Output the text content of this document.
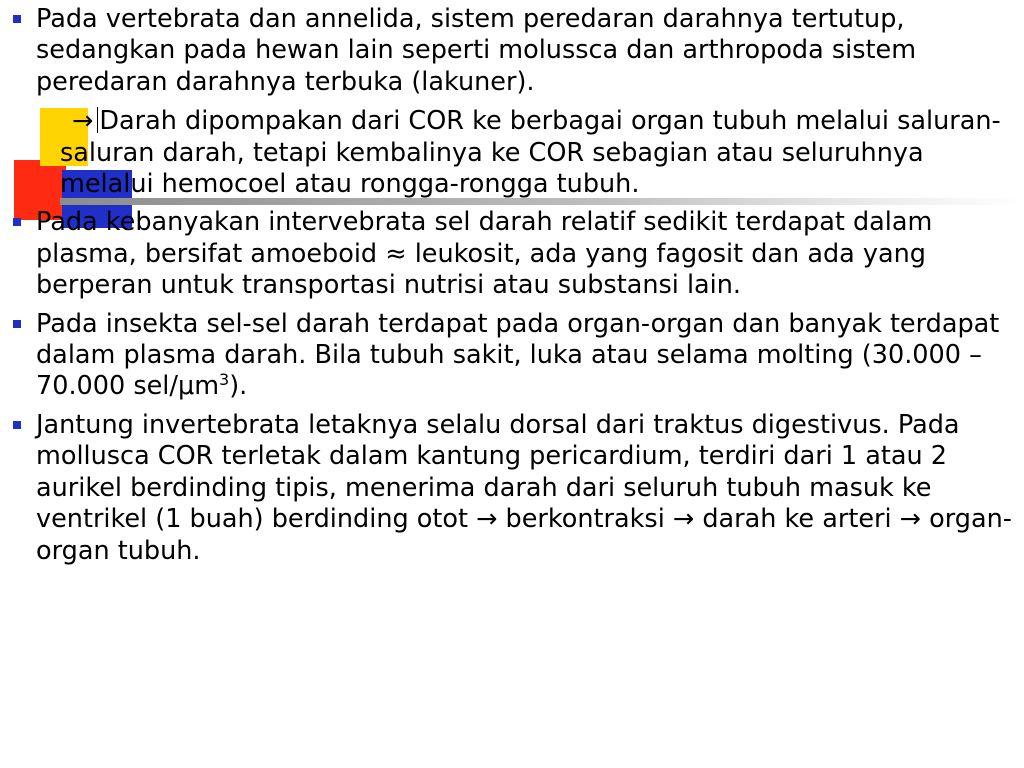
Pada vertebrata dan annelida, sistem peredaran darahnya tertutup, sedangkan pada hewan lain seperti molussca dan arthropoda sistem peredaran darahnya terbuka (lakuner).
→ Darah dipompakan dari COR ke berbagai organ tubuh melalui saluran-saluran darah, tetapi kembalinya ke COR sebagian atau seluruhnya melalui hemocoel atau rongga-rongga tubuh.
Pada kebanyakan intervebrata sel darah relatif sedikit terdapat dalam plasma, bersifat amoeboid ≈ leukosit, ada yang fagosit dan ada yang berperan untuk transportasi nutrisi atau substansi lain.
Pada insekta sel-sel darah terdapat pada organ-organ dan banyak terdapat dalam plasma darah. Bila tubuh sakit, luka atau selama molting (30.000 – 70.000 sel/$\mu m^3$).
Jantung invertebrata letaknya selalu dorsal dari traktus digestivus. Pada mollusca COR terletak dalam kantung pericardium, terdiri dari 1 atau 2 aurikel berdinding tipis, menerima darah dari seluruh tubuh masuk ke ventrikel (1 buah) berdinding otot → berkontraksi → darah ke arteri → organ-organ tubuh.
